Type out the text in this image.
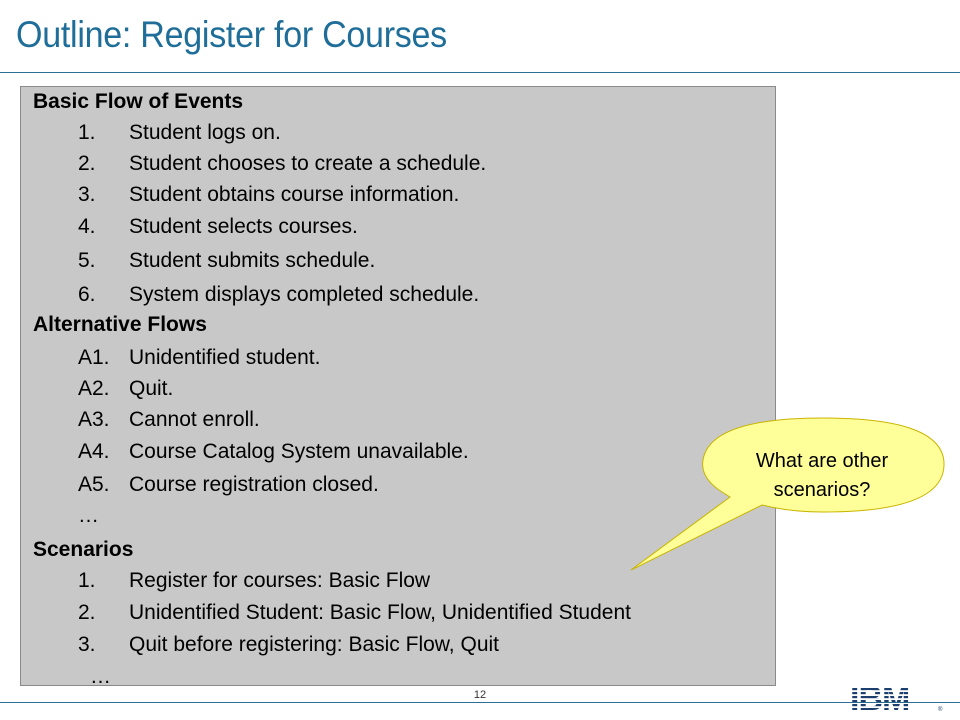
Outline: Register for Courses
Basic Flow of Events
1. Student logs on.
2. Student chooses to create a schedule.
3. Student obtains course information.
4. Student selects courses.
5. Student submits schedule.
6. System displays completed schedule.
Alternative Flows
A1. Unidentified student.
A2. Quit.
A3. Cannot enroll.
A4. Course Catalog System unavailable.
A5. Course registration closed.
…
Scenarios
1. Register for courses: Basic Flow
2. Unidentified Student: Basic Flow, Unidentified Student
3. Quit before registering: Basic Flow, Quit
…
What are other
scenarios?
12	IBM	®
